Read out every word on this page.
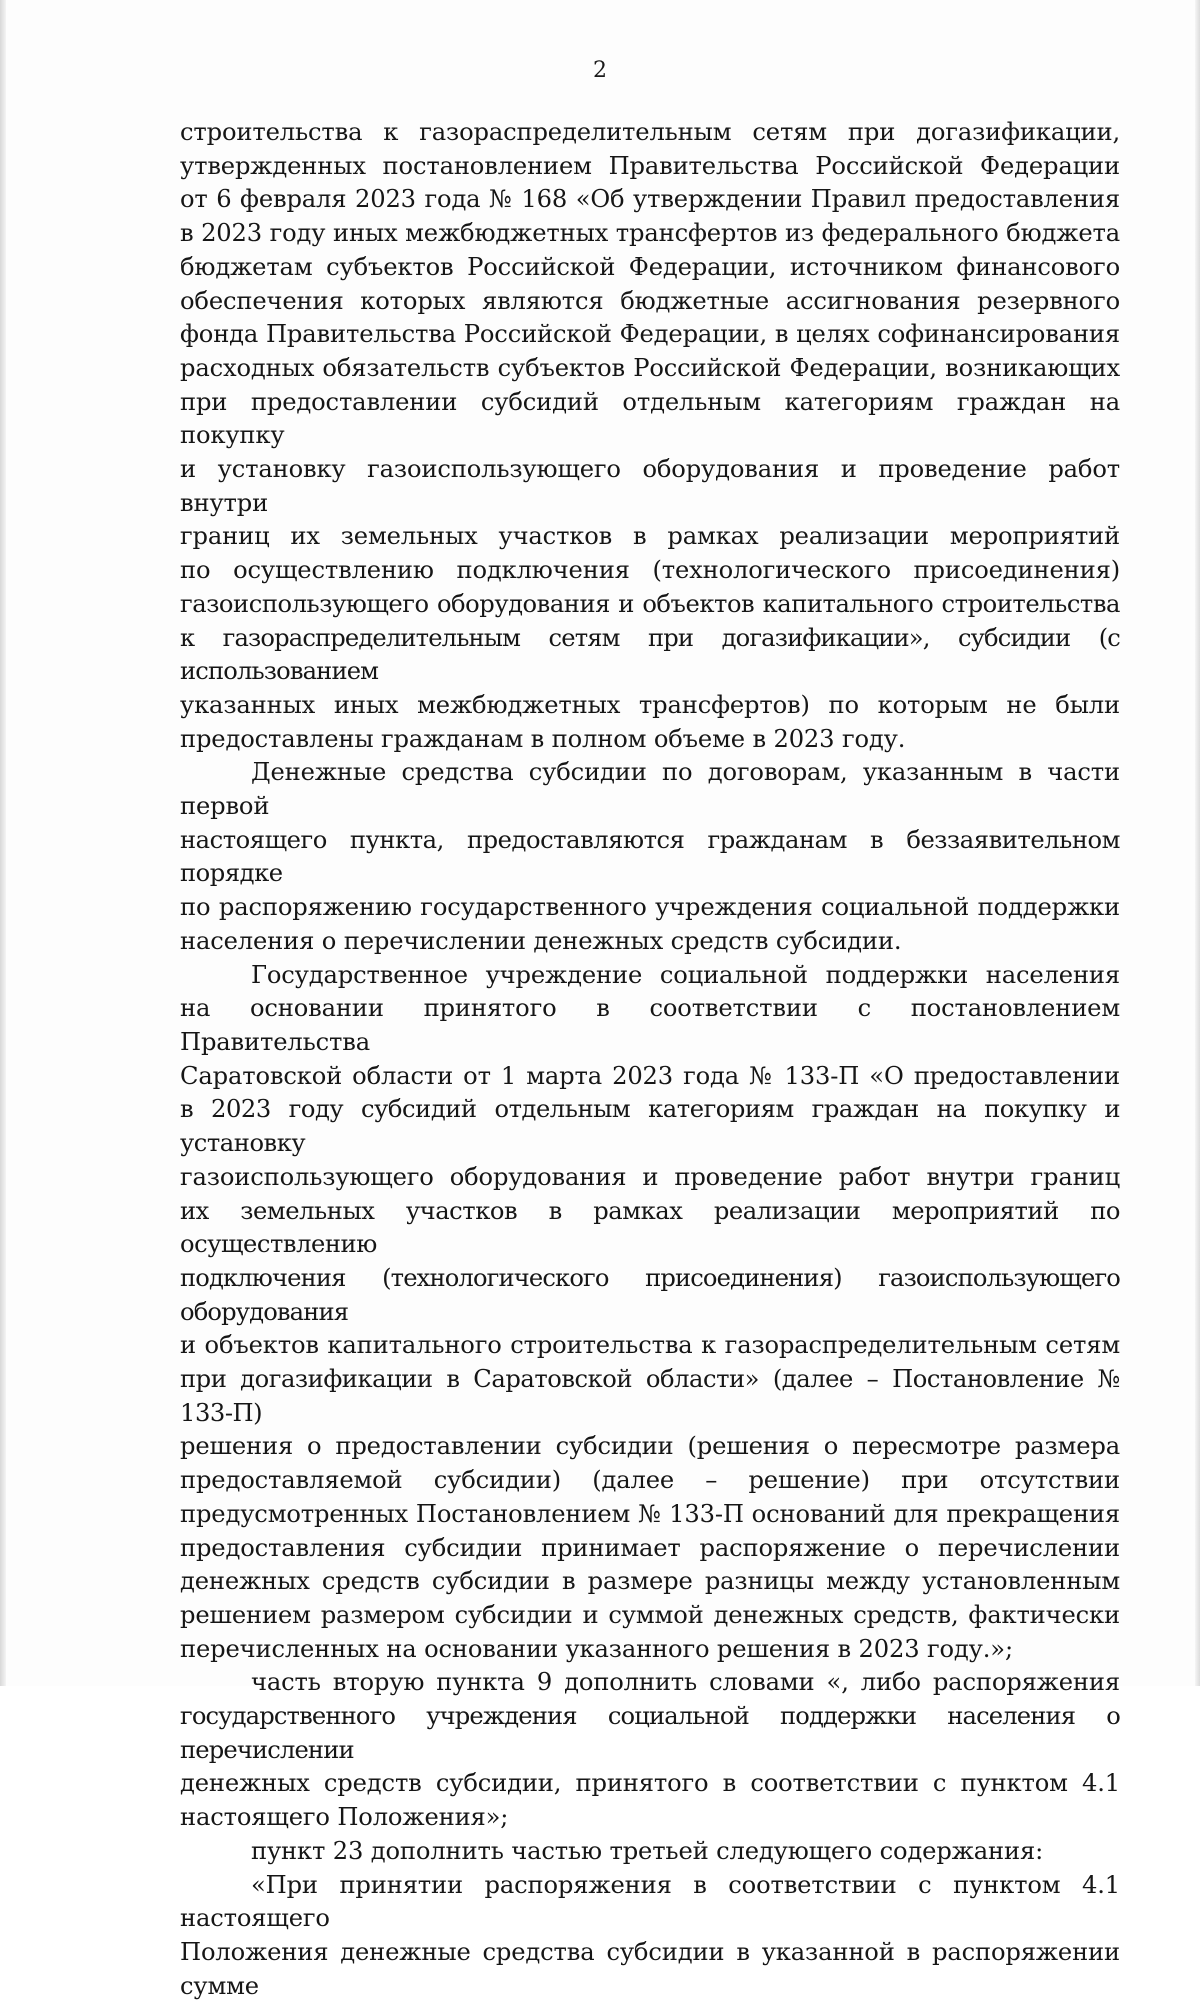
2

строительства к газораспределительным сетям при догазификации,

утвержденных постановлением Правительства Российской Федерации

от 6 февраля 2023 года № 168 «Об утверждении Правил предоставления

в 2023 году иных межбюджетных трансфертов из федерального бюджета

бюджетам субъектов Российской Федерации, источником финансового

обеспечения которых являются бюджетные ассигнования резервного

фонда Правительства Российской Федерации, в целях софинансирования

расходных обязательств субъектов Российской Федерации, возникающих

при предоставлении субсидий отдельным категориям граждан на покупку

и установку газоиспользующего оборудования и проведение работ внутри

границ их земельных участков в рамках реализации мероприятий

по осуществлению подключения (технологического присоединения)

газоиспользующего оборудования и объектов капитального строительства

к газораспределительным сетям при догазификации», субсидии (с использованием

указанных иных межбюджетных трансфертов) по которым не были

предоставлены гражданам в полном объеме в 2023 году.

Денежные средства субсидии по договорам, указанным в части первой

настоящего пункта, предоставляются гражданам в беззаявительном порядке

по распоряжению государственного учреждения социальной поддержки

населения о перечислении денежных средств субсидии.

Государственное учреждение социальной поддержки населения

на основании принятого в соответствии с постановлением Правительства

Саратовской области от 1 марта 2023 года № 133-П «О предоставлении

в 2023 году субсидий отдельным категориям граждан на покупку и установку

газоиспользующего оборудования и проведение работ внутри границ

их земельных участков в рамках реализации мероприятий по осуществлению

подключения (технологического присоединения) газоиспользующего оборудования

и объектов капитального строительства к газораспределительным сетям

при догазификации в Саратовской области» (далее – Постановление № 133-П)

решения о предоставлении субсидии (решения о пересмотре размера

предоставляемой субсидии) (далее – решение) при отсутствии

предусмотренных Постановлением № 133-П оснований для прекращения

предоставления субсидии принимает распоряжение о перечислении

денежных средств субсидии в размере разницы между установленным

решением размером субсидии и суммой денежных средств, фактически

перечисленных на основании указанного решения в 2023 году.»;

часть вторую пункта 9 дополнить словами «, либо распоряжения

государственного учреждения социальной поддержки населения о перечислении

денежных средств субсидии, принятого в соответствии с пунктом 4.1

настоящего Положения»;

пункт 23 дополнить частью третьей следующего содержания:

«При принятии распоряжения в соответствии с пунктом 4.1 настоящего

Положения денежные средства субсидии в указанной в распоряжении сумме
